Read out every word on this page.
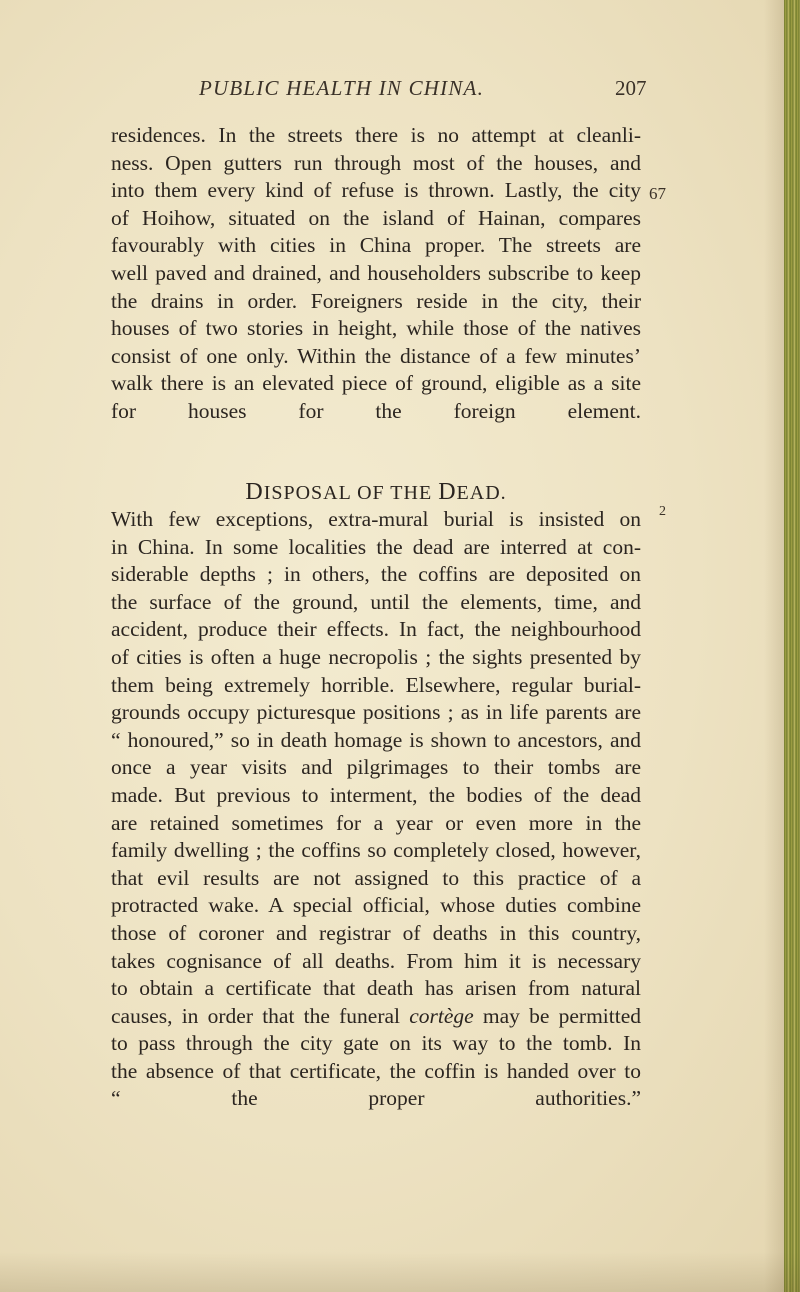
PUBLIC HEALTH IN CHINA.	207
67
2
residences. In the streets there is no attempt at cleanli-
ness. Open gutters run through most of the houses, and
into them every kind of refuse is thrown. Lastly, the city
of Hoihow, situated on the island of Hainan, compares
favourably with cities in China proper. The streets are
well paved and drained, and householders subscribe to keep
the drains in order. Foreigners reside in the city, their
houses of two stories in height, while those of the natives
consist of one only. Within the distance of a few minutes’
walk there is an elevated piece of ground, eligible as a site
for houses for the foreign element.
DISPOSAL OF THE DEAD.
With few exceptions, extra-mural burial is insisted on
in China. In some localities the dead are interred at con-
siderable depths ; in others, the coffins are deposited on
the surface of the ground, until the elements, time, and
accident, produce their effects. In fact, the neighbourhood
of cities is often a huge necropolis ; the sights presented by
them being extremely horrible. Elsewhere, regular burial-
grounds occupy picturesque positions ; as in life parents are
“ honoured,” so in death homage is shown to ancestors, and
once a year visits and pilgrimages to their tombs are
made. But previous to interment, the bodies of the dead
are retained sometimes for a year or even more in the
family dwelling ; the coffins so completely closed, however,
that evil results are not assigned to this practice of a
protracted wake. A special official, whose duties combine
those of coroner and registrar of deaths in this country,
takes cognisance of all deaths. From him it is necessary
to obtain a certificate that death has arisen from natural
causes, in order that the funeral cortège may be permitted
to pass through the city gate on its way to the tomb. In
the absence of that certificate, the coffin is handed over to
“ the proper authorities.”
